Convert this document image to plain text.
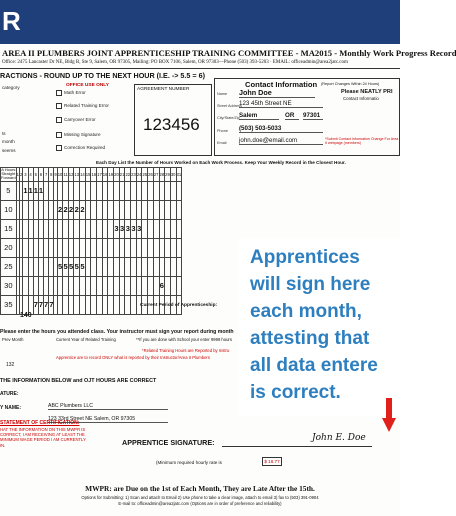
R
AREA II PLUMBERS JOINT APPRENTICESHIP TRAINING COMMITTEE - MA2015 - Monthly Work Progress Record
Office: 2475 Lancaster Dr NE, Bldg B, Ste 9, Salem, OR 97305, Mailing: PO BOX 7106, Salem, OR 97303—Phone (503) 393-5203 · EMAIL: officeadmin@area2jatc.com
RACTIONS - ROUND UP TO THE NEXT HOUR (I.E. -> 5.5 = 6)
category
ts
month
seems
OFFICE USE ONLY
Math Error
Related Training Error
Carryover Error
Missing Signature
Correction Required
AGREEMENT NUMBER
123456
Contact Information (Report Changes Within 24 Hours)
Please NEATLY PRI
Contact Informatio
Name John Doe
Street Address
123 45th Street NE
City/State/Zip Salem	OR	97301
Phone (503) 503-5033
Email john.doe@email.com	*Submit Contact Information Change For Area II webpage (members)
Each Day List the Number of Hours Worked on Each Work Process. Keep Your Weekly Record in the Closest Hour.
A Hours Straight Forward	1	2	3	4	5	6	7	8	9	10	11	12	13	14	15	16	17	18	19	20	21	22	23	24	25	26	27	28	29	30	31
5			1	1	1	1																									
10										2	2	2	2	2																	
15																				3	3	3	3	3							
20																															
25										5	5	5	5	5																	
30																												6			
35					7	7	7	7																								Current Period of Apprenticeship:
140
Please enter the hours you attended class. Your instructor must sign your report during month
Prev Month	Current Year of Related Training	**If you are done with School your enter 9999 hours
*Related Training Hours are Reported by Instru
Apprentice are to record ONLY what is reported by their Instructor/Area II Plumbers
132
THE INFORMATION BELOW and OJT HOURS ARE CORRECT
ATURE:
Y NAME:	ABC Plumbers LLC
123 33rd Street NE Salem, OR 97305
STATEMENT OF CERTIFICATION:
HAT THE INFORMATION ON THIS MWPR IS CORRECT, I AM RECEIVING AT LEAST THE MINIMUM WAGE PERIOD I AM CURRENTLY IN.	APPRENTICE SIGNATURE:	John E. Doe
(Minimum required hourly rate is	$ 16.77
MWPR: are Due on the 1st of Each Month, They are Late After the 15th.
Options for Submitting: 1) Scan and attach to Email 2) Use phone to take a clear image, attach to email 3) fax to (503) 391-0904
E-mail to: officeadmin@area2jatc.com (Options are in order of preference and reliability)
Apprentices
will sign here
each month,
attesting that
all data entere
is correct.
